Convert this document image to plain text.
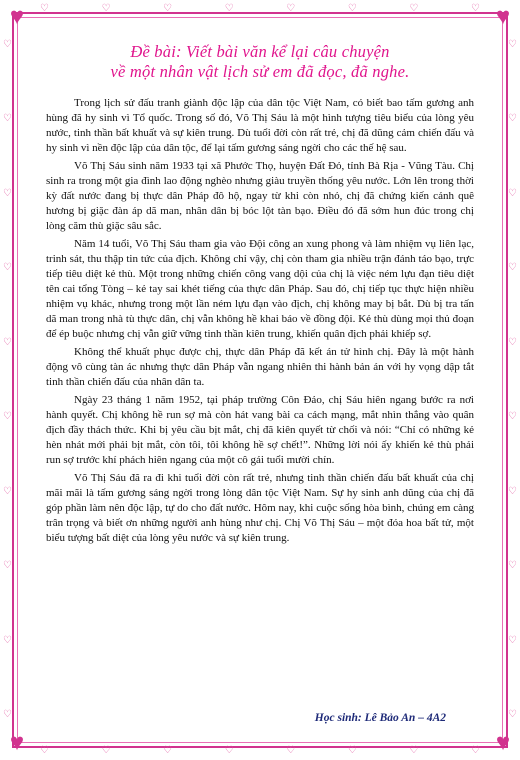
♥	♥
♥	♥
♡	♡	♡	♡	♡	♡	♡	♡
♡	♡	♡	♡	♡	♡	♡	♡
♡
♡
♡
♡
♡
♡
♡
♡
♡
♡
♡
♡
♡
♡
♡
♡
♡
♡
♡
♡
Đề bài: Viết bài văn kể lại câu chuyện
về một nhân vật lịch sử em đã đọc, đã nghe.

Trong lịch sử đấu tranh giành độc lập của dân tộc Việt Nam, có biết bao tấm gương anh hùng đã hy sinh vì Tổ quốc. Trong số đó, Võ Thị Sáu là một hình tượng tiêu biểu của lòng yêu nước, tinh thần bất khuất và sự kiên trung. Dù tuổi đời còn rất trẻ, chị đã dũng cảm chiến đấu và hy sinh vì nền độc lập của dân tộc, để lại tấm gương sáng ngời cho các thế hệ sau.

Võ Thị Sáu sinh năm 1933 tại xã Phước Thọ, huyện Đất Đỏ, tỉnh Bà Rịa - Vũng Tàu. Chị sinh ra trong một gia đình lao động nghèo nhưng giàu truyền thống yêu nước. Lớn lên trong thời kỳ đất nước đang bị thực dân Pháp đô hộ, ngay từ khi còn nhỏ, chị đã chứng kiến cảnh quê hương bị giặc đàn áp dã man, nhân dân bị bóc lột tàn bạo. Điều đó đã sớm hun đúc trong chị lòng căm thù giặc sâu sắc.

Năm 14 tuổi, Võ Thị Sáu tham gia vào Đội công an xung phong và làm nhiệm vụ liên lạc, trinh sát, thu thập tin tức của địch. Không chỉ vậy, chị còn tham gia nhiều trận đánh táo bạo, trực tiếp tiêu diệt kẻ thù. Một trong những chiến công vang dội của chị là việc ném lựu đạn tiêu diệt tên cai tổng Tòng – kẻ tay sai khét tiếng của thực dân Pháp. Sau đó, chị tiếp tục thực hiện nhiều nhiệm vụ khác, nhưng trong một lần ném lựu đạn vào địch, chị không may bị bắt. Dù bị tra tấn dã man trong nhà tù thực dân, chị vẫn không hề khai báo về đồng đội. Kẻ thù dùng mọi thủ đoạn để ép buộc nhưng chị vẫn giữ vững tinh thần kiên trung, khiến quân địch phải khiếp sợ.

Không thể khuất phục được chị, thực dân Pháp đã kết án tử hình chị. Đây là một hành động vô cùng tàn ác nhưng thực dân Pháp vẫn ngang nhiên thi hành bản án với hy vọng dập tắt tinh thần chiến đấu của nhân dân ta.

Ngày 23 tháng 1 năm 1952, tại pháp trường Côn Đảo, chị Sáu hiên ngang bước ra nơi hành quyết. Chị không hề run sợ mà còn hát vang bài ca cách mạng, mắt nhìn thẳng vào quân địch đầy thách thức. Khi bị yêu cầu bịt mắt, chị đã kiên quyết từ chối và nói: “Chỉ có những kẻ hèn nhát mới phải bịt mắt, còn tôi, tôi không hề sợ chết!”. Những lời nói ấy khiến kẻ thù phải run sợ trước khí phách hiên ngang của một cô gái tuổi mười chín.

Võ Thị Sáu đã ra đi khi tuổi đời còn rất trẻ, nhưng tinh thần chiến đấu bất khuất của chị mãi mãi là tấm gương sáng ngời trong lòng dân tộc Việt Nam. Sự hy sinh anh dũng của chị đã góp phần làm nên độc lập, tự do cho đất nước. Hôm nay, khi cuộc sống hòa bình, chúng em càng trân trọng và biết ơn những người anh hùng như chị. Chị Võ Thị Sáu – một đóa hoa bất tử, một biểu tượng bất diệt của lòng yêu nước và sự kiên trung.

Học sinh: Lê Bảo An – 4A2
